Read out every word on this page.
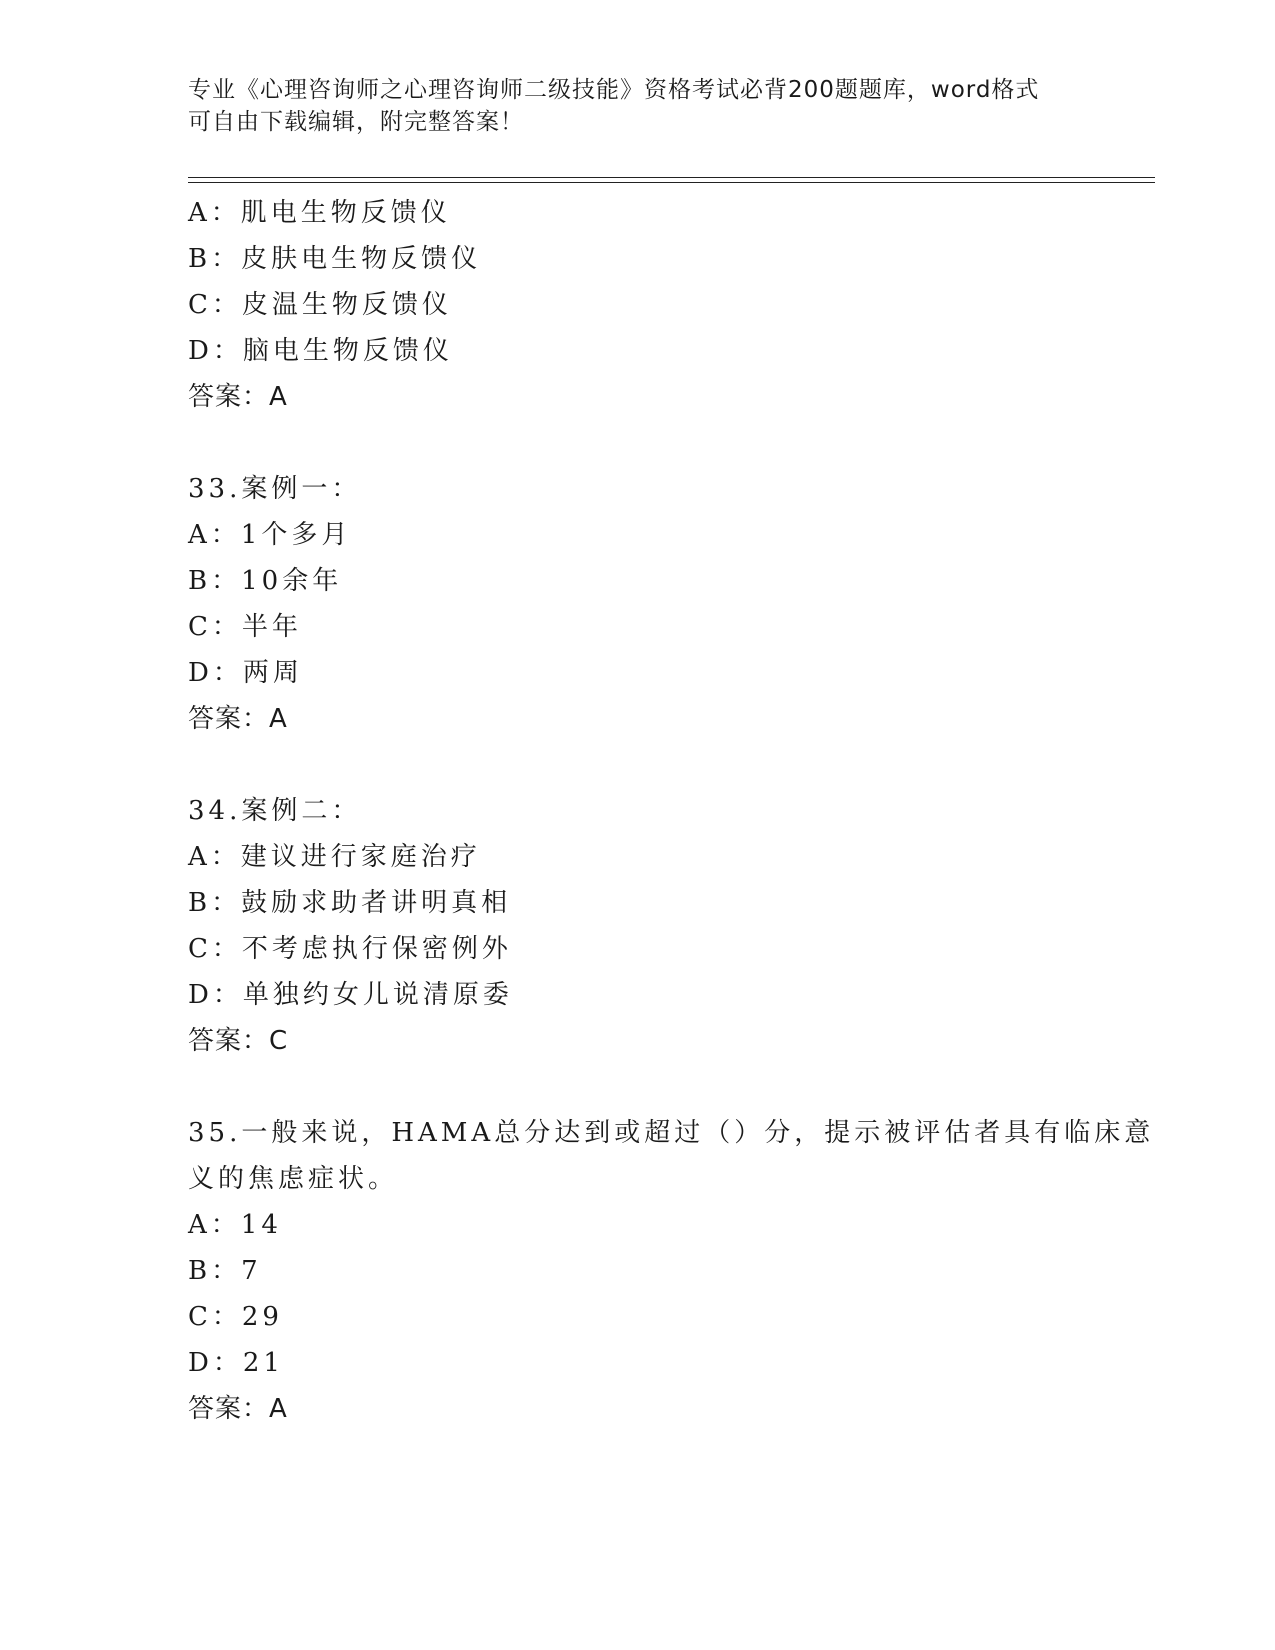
专业《心理咨询师之心理咨询师二级技能》资格考试必背200题题库，word格式
可自由下载编辑，附完整答案！
A：肌电生物反馈仪
B：皮肤电生物反馈仪
C：皮温生物反馈仪
D：脑电生物反馈仪
答案：A
33.案例一：
A：1个多月
B：10余年
C：半年
D：两周
答案：A
34.案例二：
A：建议进行家庭治疗
B：鼓励求助者讲明真相
C：不考虑执行保密例外
D：单独约女儿说清原委
答案：C
35.一般来说，HAMA总分达到或超过（）分，提示被评估者具有临床意
义的焦虑症状。
A：14
B：7
C：29
D：21
答案：A
